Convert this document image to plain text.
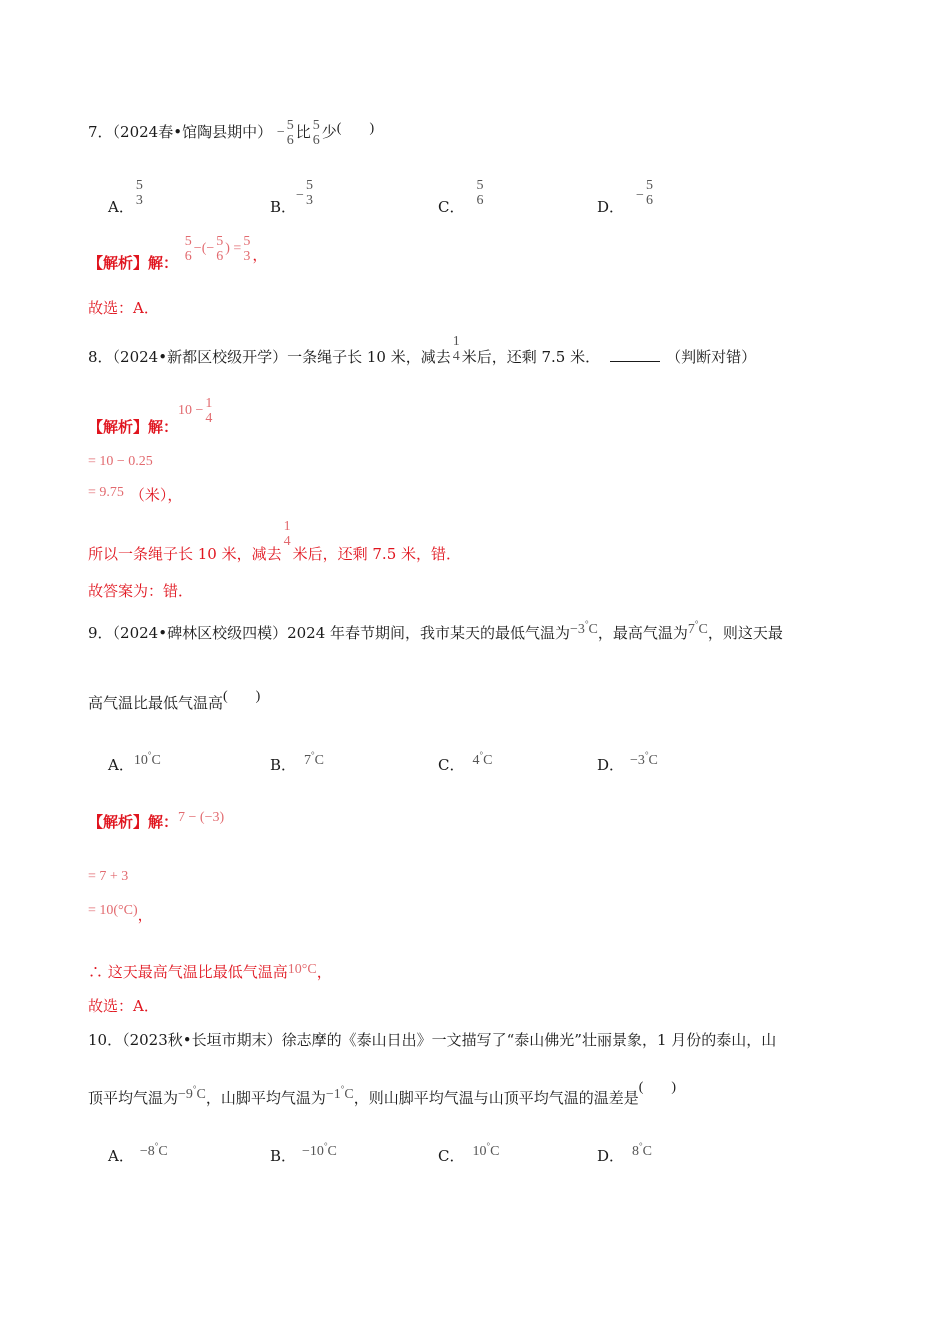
7．（2024春•馆陶县期中） − 5
6 比 5
6 少(　　)
A．
5
3	B．−
5
3	C．
5
6	D．−
5
6
【解析】解：
5
6
−(− 5
6
) = 5
3 ，
故选：A．
8．（2024•新都区校级开学）一条绳子长 10 米，减去
1
4 米后，还剩 7.5 米．	（判断对错）
【解析】解：10 − 1
4
= 10 − 0.25
= 9.75 （米），
所以一条绳子长 10 米，减去
1
4
米后，还剩 7.5 米，错．
故答案为：错．
9．（2024•碑林区校级四模）2024 年春节期间，我市某天的最低气温为−3°C，最高气温为7°C，则这天最
高气温比最低气温高(　　)
A．10°C	B． 7°C	C． 4°C	D． −3°C
【解析】解：7 − (−3)
= 7 + 3
= 10(°C)，
∴ 这天最高气温比最低气温高10°C，
故选：A．
10．（2023秋•长垣市期末）徐志摩的《泰山日出》一文描写了“泰山佛光”壮丽景象，1 月份的泰山，山
顶平均气温为−9°C，山脚平均气温为−1°C，则山脚平均气温与山顶平均气温的温差是(　　)
A． −8°C	B． −10°C	C． 10°C	D． 8°C
